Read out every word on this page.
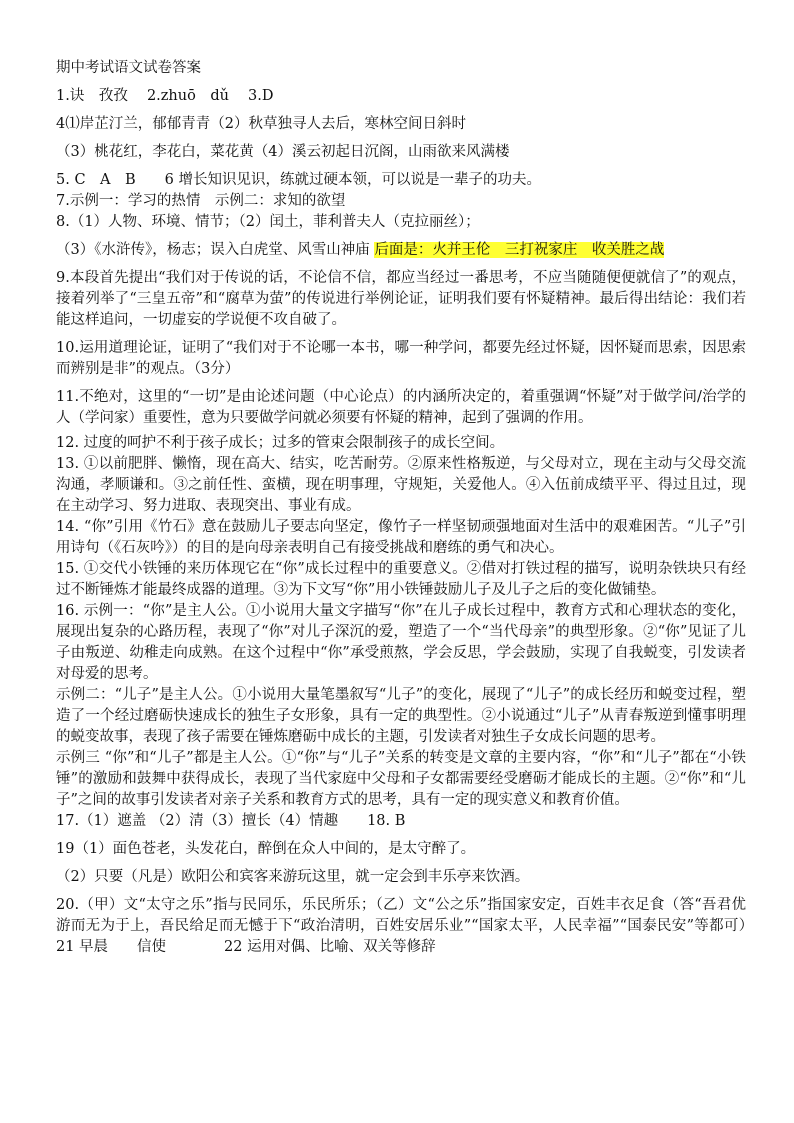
期中考试语文试卷答案

1.诀　孜孜　 2.zhuō　dǔ　 3.D

4⑴岸芷汀兰，郁郁青青（2）秋草独寻人去后，寒林空间日斜时

（3）桃花红，李花白，菜花黄（4）溪云初起日沉阁，山雨欲来风满楼

5. C　A　B　　6 增长知识见识，练就过硬本领，可以说是一辈子的功夫。

7.示例一：学习的热情　示例二：求知的欲望

8.（1）人物、环境、情节；（2）闰土，菲利普夫人（克拉丽丝）；

（3）《水浒传》，杨志；误入白虎堂、风雪山神庙 后面是：火并王伦　三打祝家庄　收关胜之战

9.本段首先提出“我们对于传说的话，不论信不信，都应当经过一番思考，不应当随随便便就信了”的观点，接着列举了“三皇五帝”和“腐草为萤”的传说进行举例论证，证明我们要有怀疑精神。最后得出结论：我们若能这样追问，一切虚妄的学说便不攻自破了。

10.运用道理论证，证明了“我们对于不论哪一本书，哪一种学问，都要先经过怀疑，因怀疑而思索，因思索而辨别是非”的观点。（3分）

11.不绝对，这里的“一切”是由论述问题（中心论点）的内涵所决定的，着重强调“怀疑”对于做学问/治学的人（学问家）重要性，意为只要做学问就必须要有怀疑的精神，起到了强调的作用。

12. 过度的呵护不利于孩子成长；过多的管束会限制孩子的成长空间。

13. ①以前肥胖、懒惰，现在高大、结实，吃苦耐劳。②原来性格叛逆，与父母对立，现在主动与父母交流沟通，孝顺谦和。③之前任性、蛮横，现在明事理，守规矩，关爱他人。④入伍前成绩平平、得过且过，现在主动学习、努力进取、表现突出、事业有成。

14. “你”引用《竹石》意在鼓励儿子要志向坚定，像竹子一样坚韧顽强地面对生活中的艰难困苦。“儿子”引用诗句（《石灰吟》）的目的是向母亲表明自己有接受挑战和磨练的勇气和决心。

15. ①交代小铁锤的来历体现它在“你”成长过程中的重要意义。②借对打铁过程的描写，说明杂铁块只有经过不断锤炼才能最终成器的道理。③为下文写“你”用小铁锤鼓励儿子及儿子之后的变化做铺垫。

16. 示例一：“你”是主人公。①小说用大量文字描写“你”在儿子成长过程中，教育方式和心理状态的变化，展现出复杂的心路历程，表现了“你”对儿子深沉的爱，塑造了一个“当代母亲”的典型形象。②“你”见证了儿子由叛逆、幼稚走向成熟。在这个过程中“你”承受煎熬，学会反思，学会鼓励，实现了自我蜕变，引发读者对母爱的思考。

示例二：“儿子”是主人公。①小说用大量笔墨叙写“儿子”的变化，展现了“儿子”的成长经历和蜕变过程，塑造了一个经过磨砺快速成长的独生子女形象，具有一定的典型性。②小说通过“儿子”从青春叛逆到懂事明理的蜕变故事，表现了孩子需要在锤炼磨砺中成长的主题，引发读者对独生子女成长问题的思考。

示例三 “你”和“儿子”都是主人公。①“你”与“儿子”关系的转变是文章的主要内容，“你”和“儿子”都在“小铁锤”的激励和鼓舞中获得成长，表现了当代家庭中父母和子女都需要经受磨砺才能成长的主题。②“你”和“儿子”之间的故事引发读者对亲子关系和教育方式的思考，具有一定的现实意义和教育价值。

17.（1）遮盖 （2）清（3）擅长（4）情趣　　18. B

19（1）面色苍老，头发花白，醉倒在众人中间的，是太守醉了。

（2）只要（凡是）欧阳公和宾客来游玩这里，就一定会到丰乐亭来饮酒。

20.（甲）文“太守之乐”指与民同乐，乐民所乐；（乙）文“公之乐”指国家安定，百姓丰衣足食（答“吾君优游而无为于上，吾民给足而无憾于下“政治清明，百姓安居乐业”“国家太平，人民幸福”“国泰民安”等都可）　　21 早晨　　信使　　　　22 运用对偶、比喻、双关等修辞
